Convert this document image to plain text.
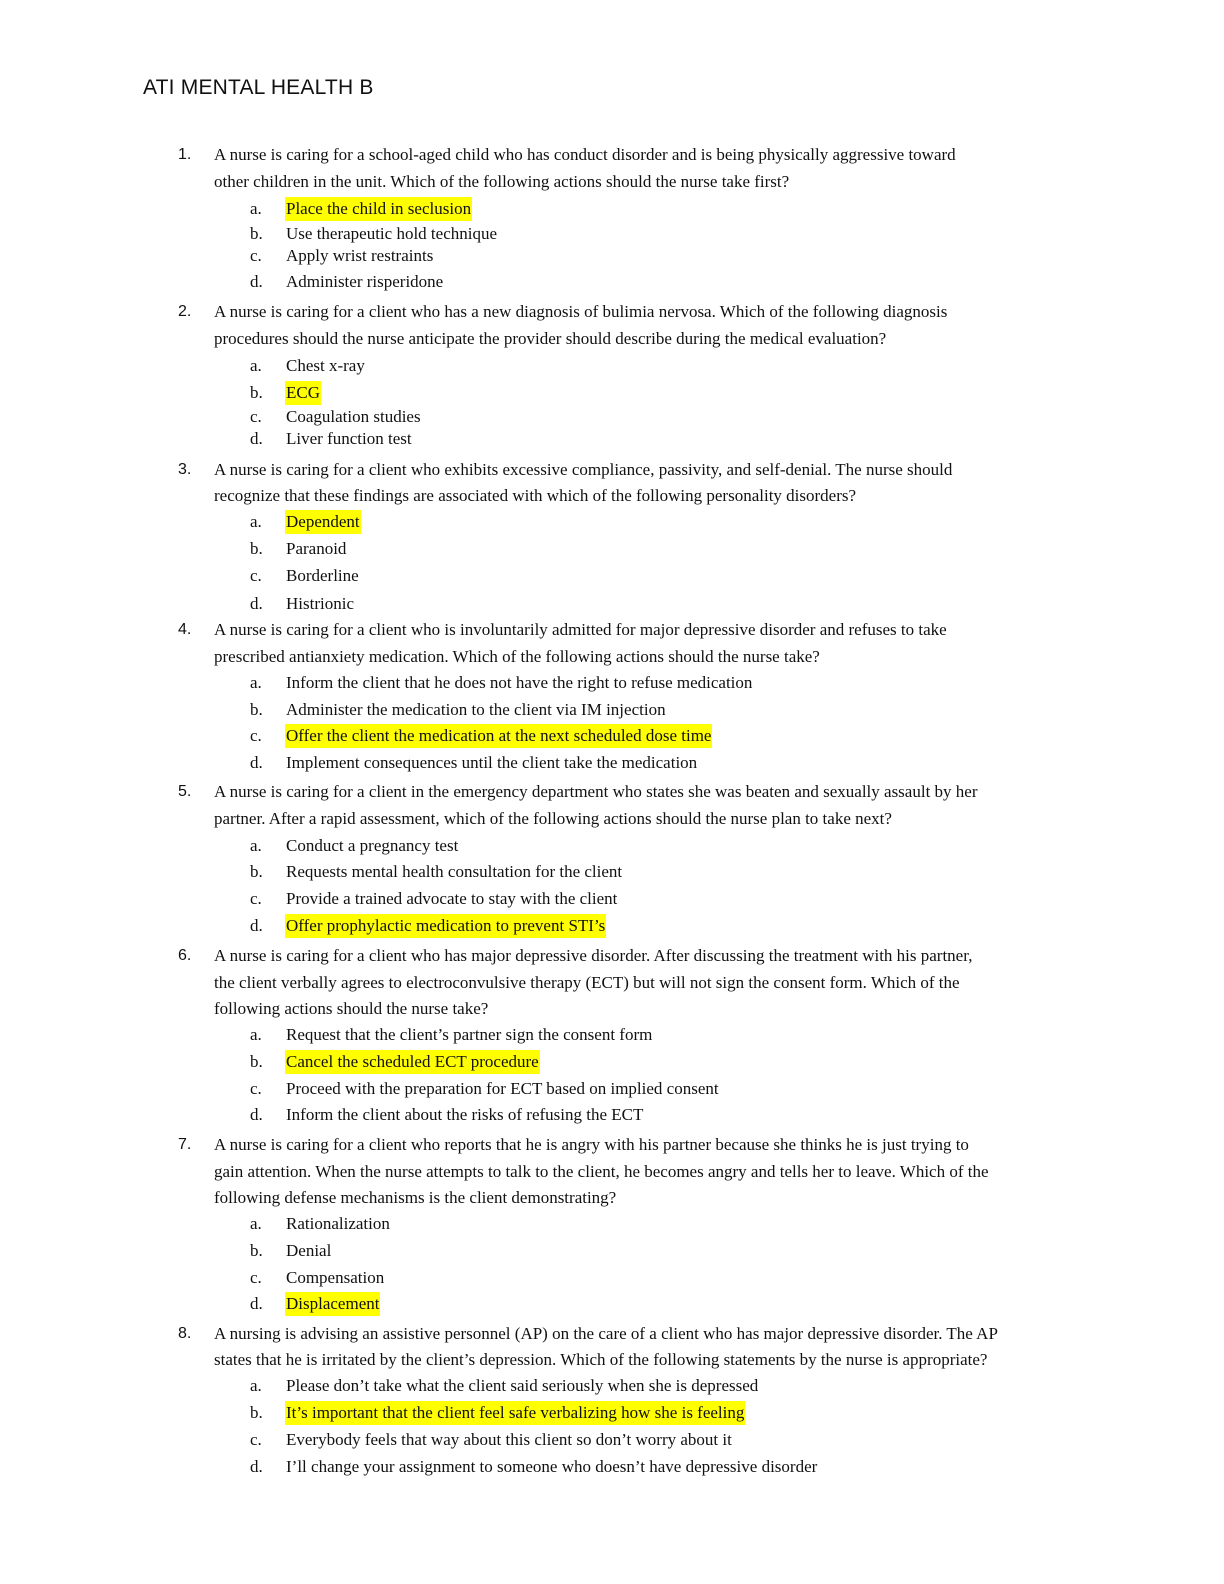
ATI MENTAL HEALTH B
1. A nurse is caring for a school-aged child who has conduct disorder and is being physically aggressive toward
other children in the unit. Which of the following actions should the nurse take first?
a. Place the child in seclusion
b. Use therapeutic hold technique
c. Apply wrist restraints
d. Administer risperidone
2. A nurse is caring for a client who has a new diagnosis of bulimia nervosa. Which of the following diagnosis
procedures should the nurse anticipate the provider should describe during the medical evaluation?
a. Chest x-ray
b. ECG
c. Coagulation studies
d. Liver function test
3. A nurse is caring for a client who exhibits excessive compliance, passivity, and self-denial. The nurse should
recognize that these findings are associated with which of the following personality disorders?
a. Dependent
b. Paranoid
c. Borderline
d. Histrionic
4. A nurse is caring for a client who is involuntarily admitted for major depressive disorder and refuses to take
prescribed antianxiety medication. Which of the following actions should the nurse take?
a. Inform the client that he does not have the right to refuse medication
b. Administer the medication to the client via IM injection
c. Offer the client the medication at the next scheduled dose time
d. Implement consequences until the client take the medication
5. A nurse is caring for a client in the emergency department who states she was beaten and sexually assault by her
partner. After a rapid assessment, which of the following actions should the nurse plan to take next?
a. Conduct a pregnancy test
b. Requests mental health consultation for the client
c. Provide a trained advocate to stay with the client
d. Offer prophylactic medication to prevent STI’s
6. A nurse is caring for a client who has major depressive disorder. After discussing the treatment with his partner,
the client verbally agrees to electroconvulsive therapy (ECT) but will not sign the consent form. Which of the
following actions should the nurse take?
a. Request that the client’s partner sign the consent form
b. Cancel the scheduled ECT procedure
c. Proceed with the preparation for ECT based on implied consent
d. Inform the client about the risks of refusing the ECT
7. A nurse is caring for a client who reports that he is angry with his partner because she thinks he is just trying to
gain attention. When the nurse attempts to talk to the client, he becomes angry and tells her to leave. Which of the
following defense mechanisms is the client demonstrating?
a. Rationalization
b. Denial
c. Compensation
d. Displacement
8. A nursing is advising an assistive personnel (AP) on the care of a client who has major depressive disorder. The AP
states that he is irritated by the client’s depression. Which of the following statements by the nurse is appropriate?
a. Please don’t take what the client said seriously when she is depressed
b. It’s important that the client feel safe verbalizing how she is feeling
c. Everybody feels that way about this client so don’t worry about it
d. I’ll change your assignment to someone who doesn’t have depressive disorder
